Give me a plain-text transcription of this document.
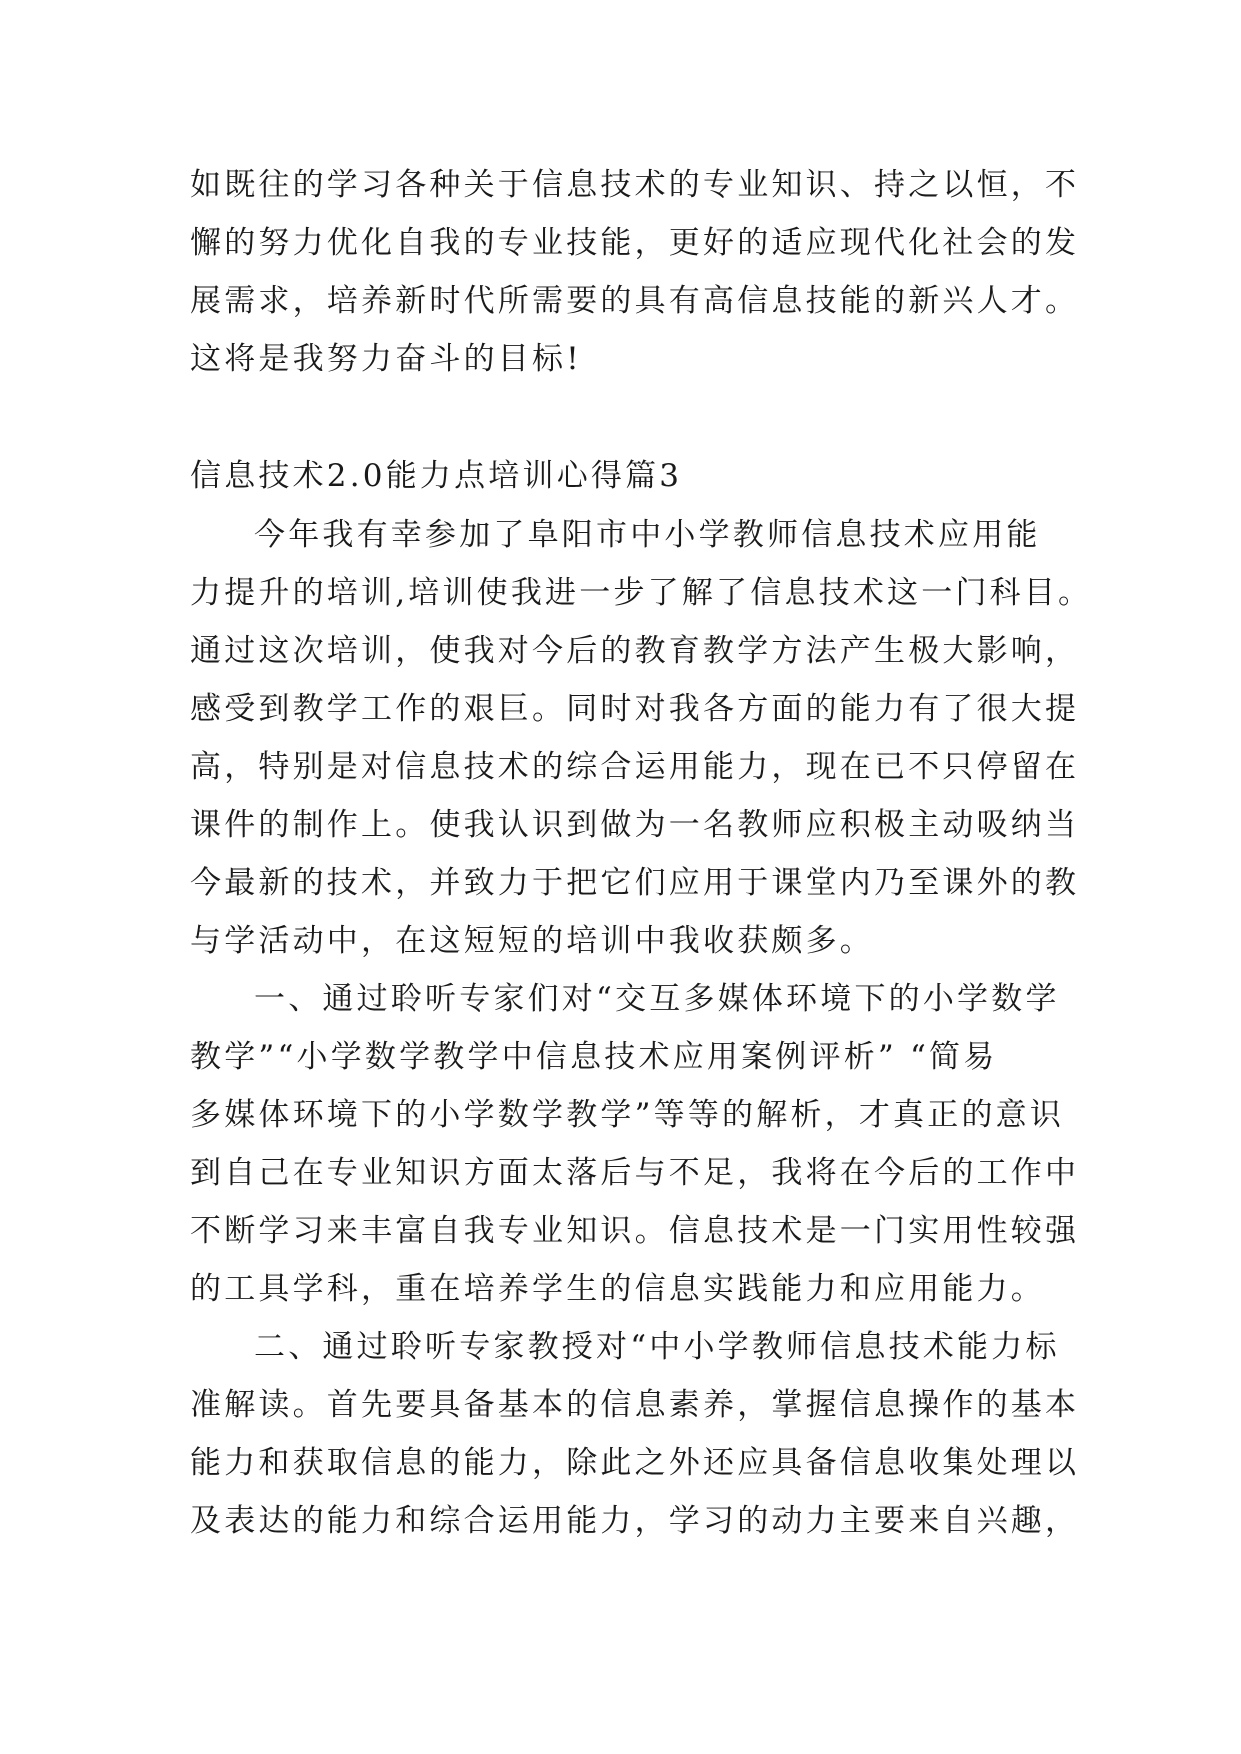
如既往的学习各种关于信息技术的专业知识、持之以恒，不
懈的努力优化自我的专业技能，更好的适应现代化社会的发
展需求，培养新时代所需要的具有高信息技能的新兴人才。
这将是我努力奋斗的目标!
信息技术2.0能力点培训心得篇3
今年我有幸参加了阜阳市中小学教师信息技术应用能
力提升的培训,培训使我进一步了解了信息技术这一门科目。
通过这次培训，使我对今后的教育教学方法产生极大影响，
感受到教学工作的艰巨。同时对我各方面的能力有了很大提
高，特别是对信息技术的综合运用能力，现在已不只停留在
课件的制作上。使我认识到做为一名教师应积极主动吸纳当
今最新的技术，并致力于把它们应用于课堂内乃至课外的教
与学活动中，在这短短的培训中我收获颇多。
一、通过聆听专家们对“交互多媒体环境下的小学数学
教学”“小学数学教学中信息技术应用案例评析” “简易
多媒体环境下的小学数学教学”等等的解析，才真正的意识
到自己在专业知识方面太落后与不足，我将在今后的工作中
不断学习来丰富自我专业知识。信息技术是一门实用性较强
的工具学科，重在培养学生的信息实践能力和应用能力。
二、通过聆听专家教授对“中小学教师信息技术能力标
准解读。首先要具备基本的信息素养，掌握信息操作的基本
能力和获取信息的能力，除此之外还应具备信息收集处理以
及表达的能力和综合运用能力，学习的动力主要来自兴趣，
